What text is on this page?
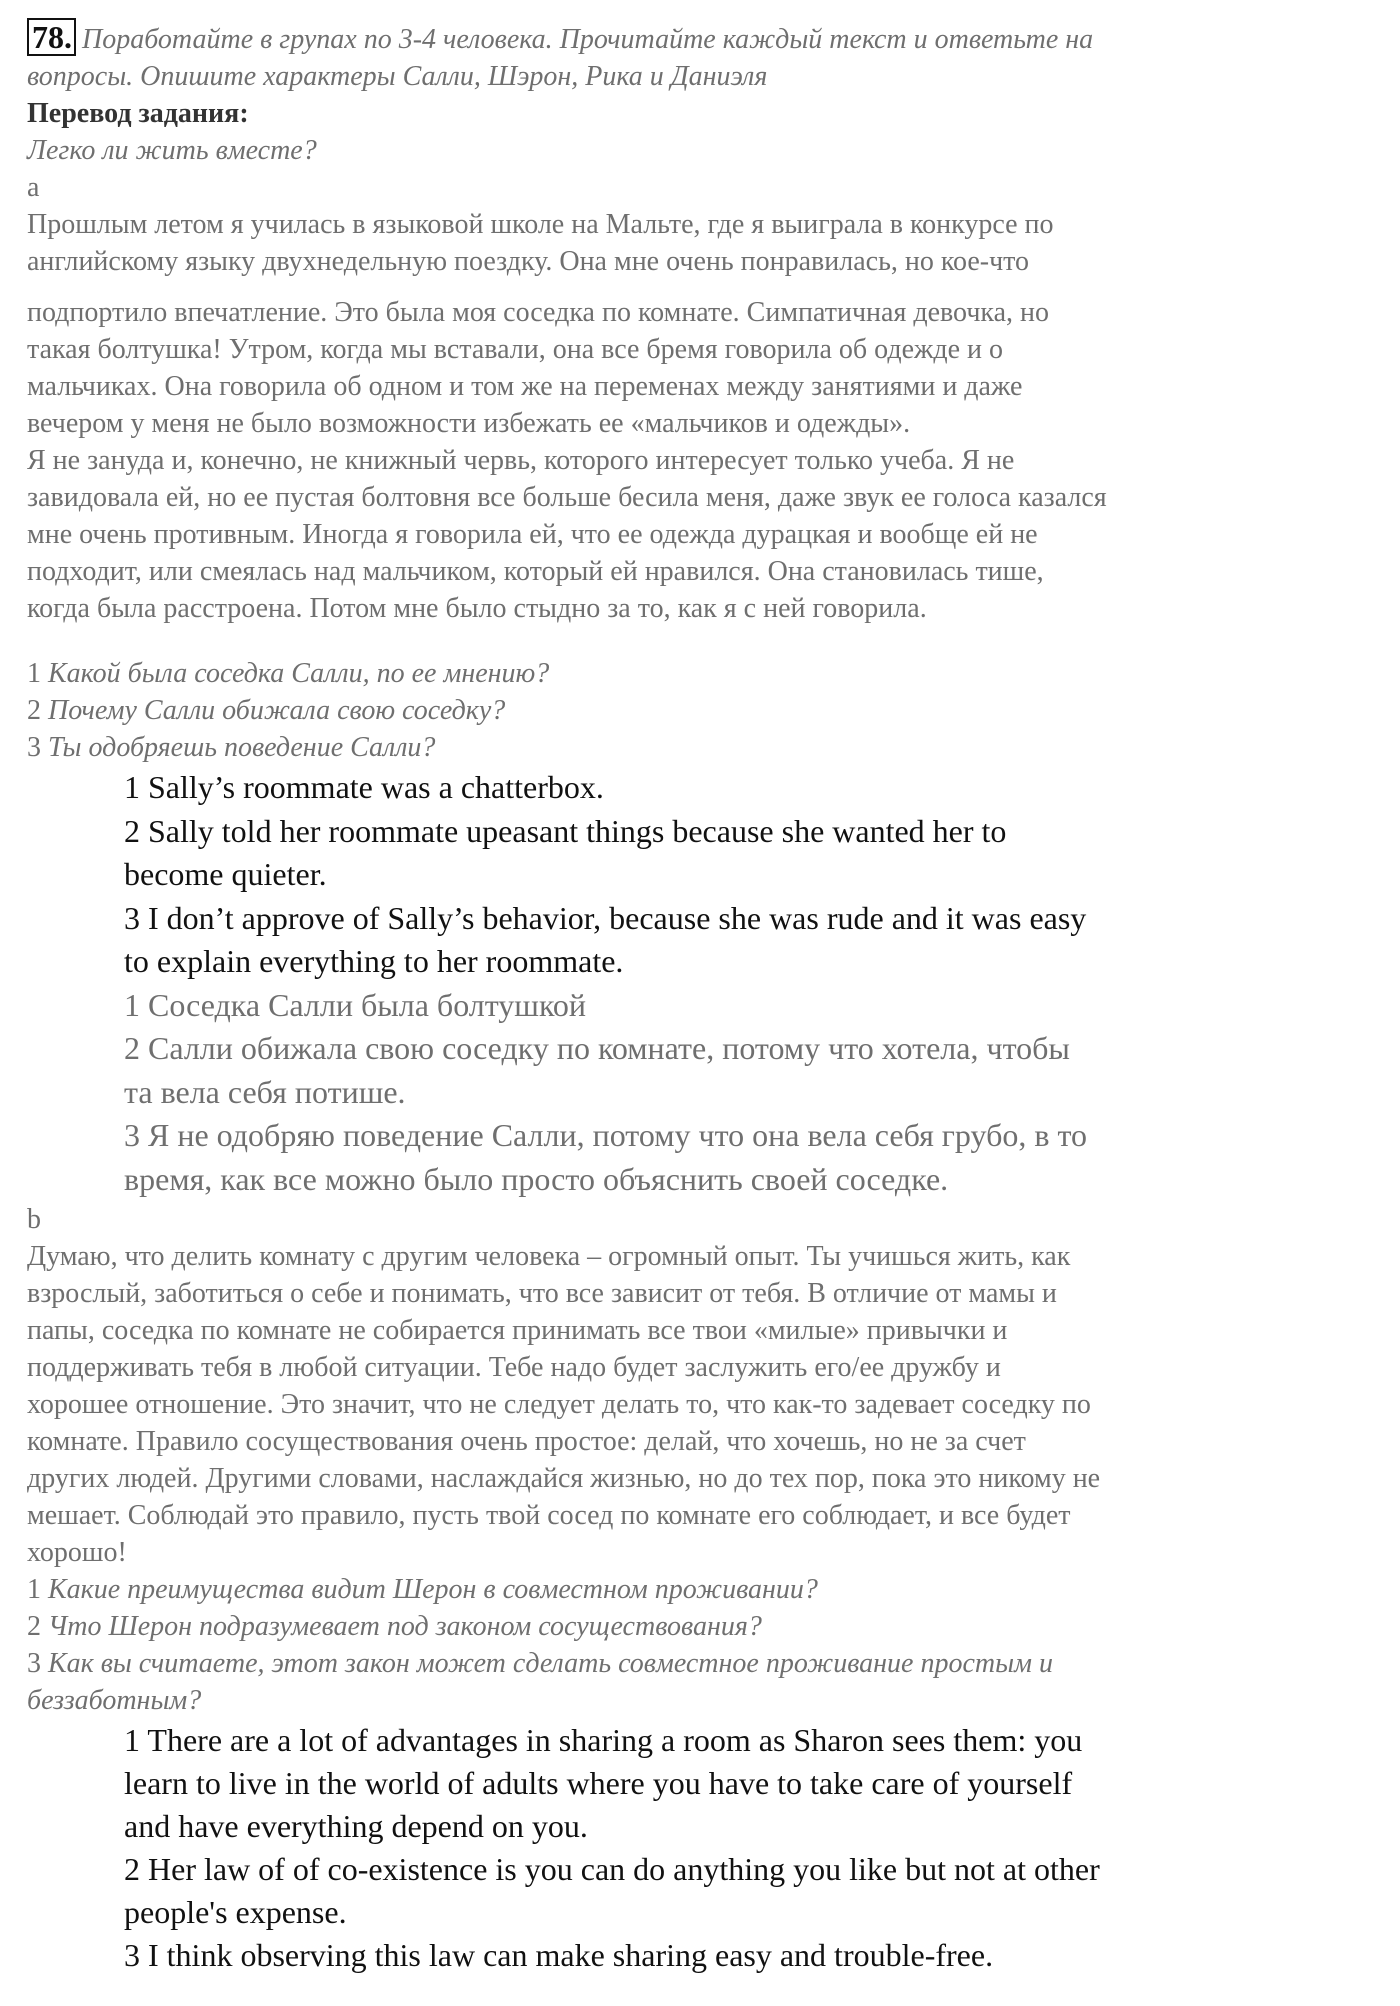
78. Поработайте в групах по 3-4 человека. Прочитайте каждый текст и ответьте на
вопросы. Опишите характеры Салли, Шэрон, Рика и Даниэля
Перевод задания:
Легко ли жить вместе?
a
Прошлым летом я училась в языковой школе на Мальте, где я выиграла в конкурсе по
английскому языку двухнедельную поездку. Она мне очень понравилась, но кое-что
подпортило впечатление. Это была моя соседка по комнате. Симпатичная девочка, но
такая болтушка! Утром, когда мы вставали, она все бремя говорила об одежде и о
мальчиках. Она говорила об одном и том же на переменах между занятиями и даже
вечером у меня не было возможности избежать ее «мальчиков и одежды».
Я не зануда и, конечно, не книжный червь, которого интересует только учеба. Я не
завидовала ей, но ее пустая болтовня все больше бесила меня, даже звук ее голоса казался
мне очень противным. Иногда я говорила ей, что ее одежда дурацкая и вообще ей не
подходит, или смеялась над мальчиком, который ей нравился. Она становилась тише,
когда была расстроена. Потом мне было стыдно за то, как я с ней говорила.
1 Какой была соседка Салли, по ее мнению?
2 Почему Салли обижала свою соседку?
3 Ты одобряешь поведение Салли?
1 Sally’s roommate was a chatterbox.
2 Sally told her roommate upeasant things because she wanted her to
become quieter.
3 I don’t approve of Sally’s behavior, because she was rude and it was easy
to explain everything to her roommate.
1 Соседка Салли была болтушкой
2 Салли обижала свою соседку по комнате, потому что хотела, чтобы
та вела себя потише.
3 Я не одобряю поведение Салли, потому что она вела себя грубо, в то
время, как все можно было просто объяснить своей соседке.
b
Думаю, что делить комнату с другим человека – огромный опыт. Ты учишься жить, как
взрослый, заботиться о себе и понимать, что все зависит от тебя. В отличие от мамы и
папы, соседка по комнате не собирается принимать все твои «милые» привычки и
поддерживать тебя в любой ситуации. Тебе надо будет заслужить его/ее дружбу и
хорошее отношение. Это значит, что не следует делать то, что как-то задевает соседку по
комнате. Правило сосуществования очень простое: делай, что хочешь, но не за счет
других людей. Другими словами, наслаждайся жизнью, но до тех пор, пока это никому не
мешает. Соблюдай это правило, пусть твой сосед по комнате его соблюдает, и все будет
хорошо!
1 Какие преимущества видит Шерон в совместном проживании?
2 Что Шерон подразумевает под законом сосуществования?
3 Как вы считаете, этот закон может сделать совместное проживание простым и
беззаботным?
1 There are a lot of advantages in sharing a room as Sharon sees them: you
learn to live in the world of adults where you have to take care of yourself
and have everything depend on you.
2 Her law of of co-existence is you can do anything you like but not at other
people's expense.
3 I think observing this law can make sharing easy and trouble-free.
